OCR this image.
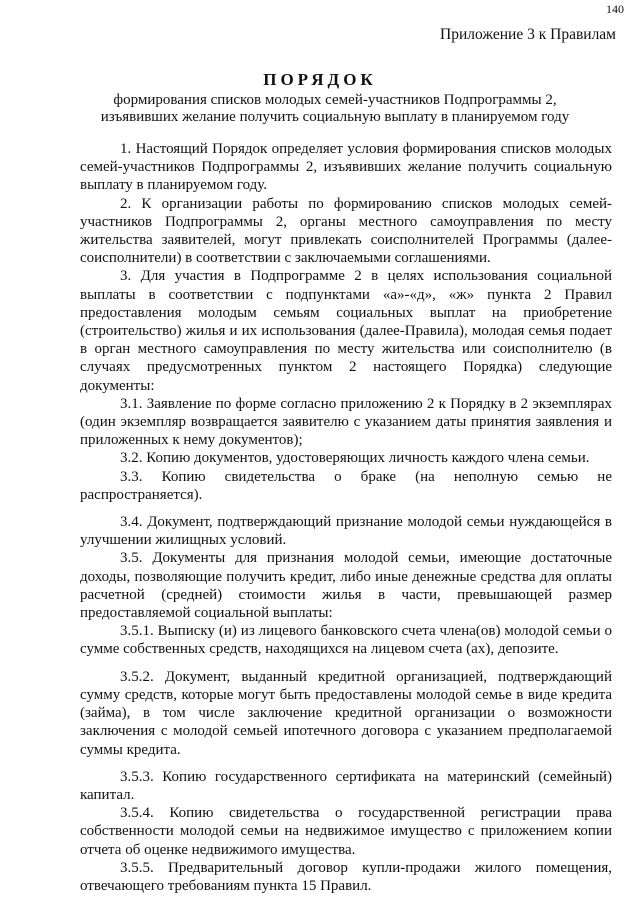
140
Приложение 3 к Правилам
ПОРЯДОК
формирования списков молодых семей-участников Подпрограммы 2, изъявивших желание получить социальную выплату в планируемом году

1. Настоящий Порядок определяет условия формирования списков молодых семей-участников Подпрограммы 2, изъявивших желание получить социальную выплату в планируемом году.

2. К организации работы по формированию списков молодых семей-участников Подпрограммы 2, органы местного самоуправления по месту жительства заявителей, могут привлекать соисполнителей Программы (далее-соисполнители) в соответствии с заключаемыми соглашениями.

3. Для участия в Подпрограмме 2 в целях использования социальной выплаты в соответствии с подпунктами «а»-«д», «ж» пункта 2 Правил предоставления молодым семьям социальных выплат на приобретение (строительство) жилья и их использования (далее-Правила), молодая семья подает в орган местного самоуправления по месту жительства или соисполнителю (в случаях предусмотренных пунктом 2 настоящего Порядка) следующие документы:

3.1. Заявление по форме согласно приложению 2 к Порядку в 2 экземплярах (один экземпляр возвращается заявителю с указанием даты принятия заявления и приложенных к нему документов);

3.2. Копию документов, удостоверяющих личность каждого члена семьи.

3.3. Копию свидетельства о браке (на неполную семью не распространяется).

3.4. Документ, подтверждающий признание молодой семьи нуждающейся в улучшении жилищных условий.

3.5. Документы для признания молодой семьи, имеющие достаточные доходы, позволяющие получить кредит, либо иные денежные средства для оплаты расчетной (средней) стоимости жилья в части, превышающей размер предоставляемой социальной выплаты:

3.5.1. Выписку (и) из лицевого банковского счета члена(ов) молодой семьи о сумме собственных средств, находящихся на лицевом счета (ах), депозите.

3.5.2. Документ, выданный кредитной организацией, подтверждающий сумму средств, которые могут быть предоставлены молодой семье в виде кредита (займа), в том числе заключение кредитной организации о возможности заключения с молодой семьей ипотечного договора с указанием предполагаемой суммы кредита.

3.5.3. Копию государственного сертификата на материнский (семейный) капитал.

3.5.4. Копию свидетельства о государственной регистрации права собственности молодой семьи на недвижимое имущество с приложением копии отчета об оценке недвижимого имущества.

3.5.5. Предварительный договор купли-продажи жилого помещения, отвечающего требованиям пункта 15 Правил.
